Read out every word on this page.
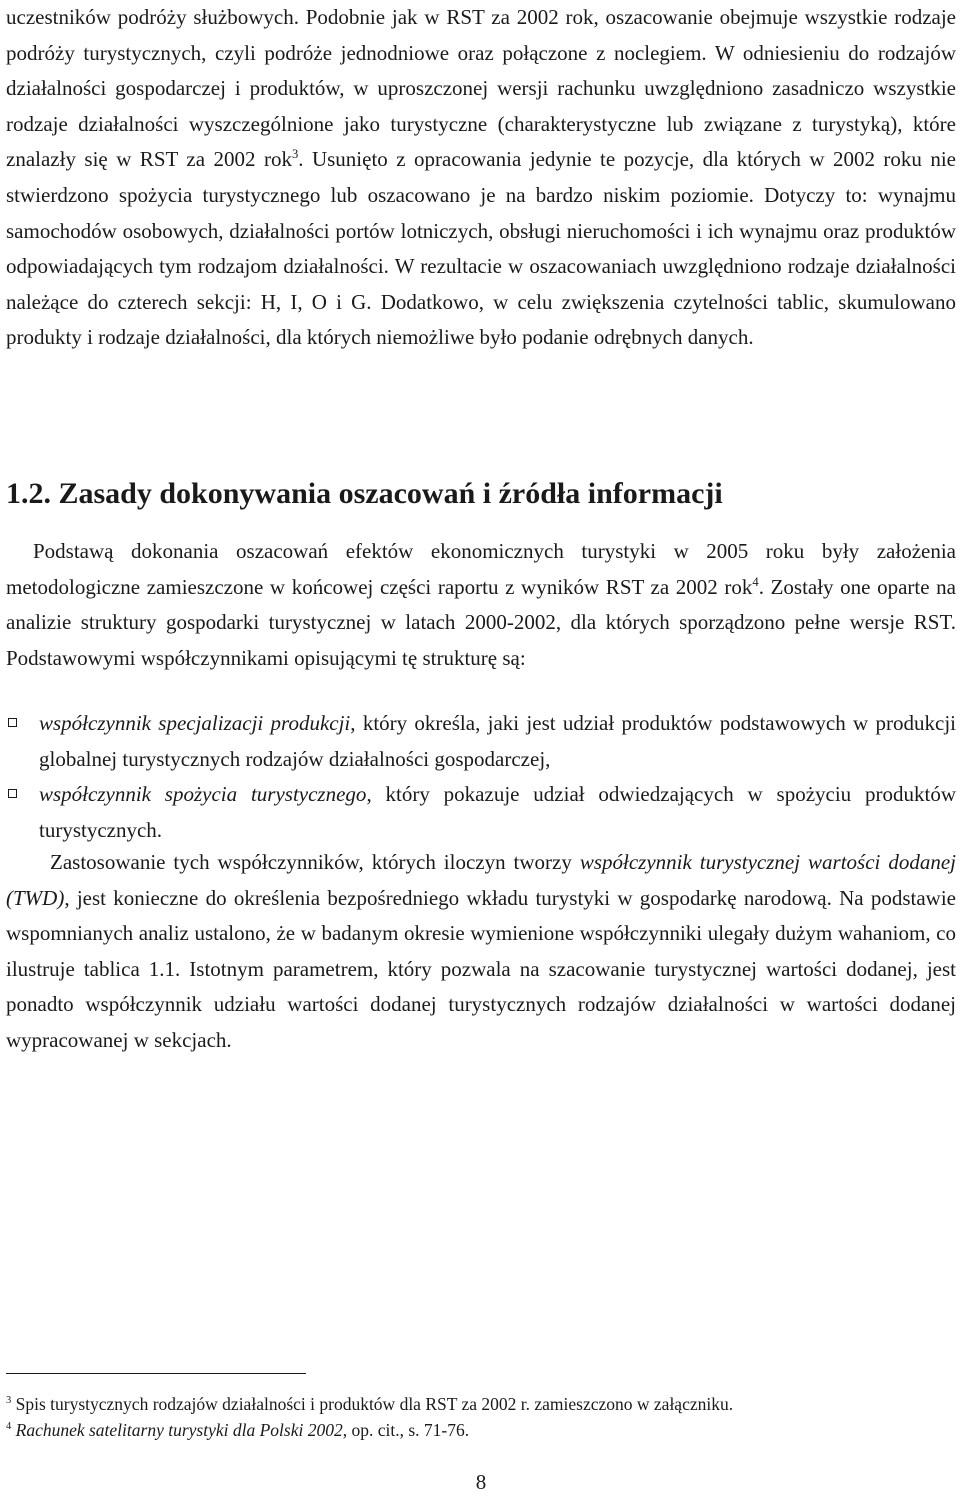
uczestników podróży służbowych. Podobnie jak w RST za 2002 rok, oszacowanie obejmuje wszystkie rodzaje podróży turystycznych, czyli podróże jednodniowe oraz połączone z noclegiem. W odniesieniu do rodzajów działalności gospodarczej i produktów, w uproszczonej wersji rachunku uwzględniono zasadniczo wszystkie rodzaje działalności wyszczególnione jako turystyczne (charakterystyczne lub związane z turystyką), które znalazły się w RST za 2002 rok$^3$. Usunięto z opracowania jedynie te pozycje, dla których w 2002 roku nie stwierdzono spożycia turystycznego lub oszacowano je na bardzo niskim poziomie. Dotyczy to: wynajmu samochodów osobowych, działalności portów lotniczych, obsługi nieruchomości i ich wynajmu oraz produktów odpowiadających tym rodzajom działalności. W rezultacie w oszacowaniach uwzględniono rodzaje działalności należące do czterech sekcji: H, I, O i G. Dodatkowo, w celu zwiększenia czytelności tablic, skumulowano produkty i rodzaje działalności, dla których niemożliwe było podanie odrębnych danych.

1.2. Zasady dokonywania oszacowań i źródła informacji

Podstawą dokonania oszacowań efektów ekonomicznych turystyki w 2005 roku były założenia metodologiczne zamieszczone w końcowej części raportu z wyników RST za 2002 rok$^4$. Zostały one oparte na analizie struktury gospodarki turystycznej w latach 2000-2002, dla których sporządzono pełne wersje RST. Podstawowymi współczynnikami opisującymi tę strukturę są:

współczynnik specjalizacji produkcji, który określa, jaki jest udział produktów podstawowych w produkcji globalnej turystycznych rodzajów działalności gospodarczej,
współczynnik spożycia turystycznego, który pokazuje udział odwiedzających w spożyciu produktów turystycznych.

Zastosowanie tych współczynników, których iloczyn tworzy współczynnik turystycznej wartości dodanej (TWD), jest konieczne do określenia bezpośredniego wkładu turystyki w gospodarkę narodową. Na podstawie wspomnianych analiz ustalono, że w badanym okresie wymienione współczynniki ulegały dużym wahaniom, co ilustruje tablica 1.1. Istotnym parametrem, który pozwala na szacowanie turystycznej wartości dodanej, jest ponadto współczynnik udziału wartości dodanej turystycznych rodzajów działalności w wartości dodanej wypracowanej w sekcjach.

$^3$ Spis turystycznych rodzajów działalności i produktów dla RST za 2002 r. zamieszczono w załączniku.

$^4$ Rachunek satelitarny turystyki dla Polski 2002, op. cit., s. 71-76.

8
